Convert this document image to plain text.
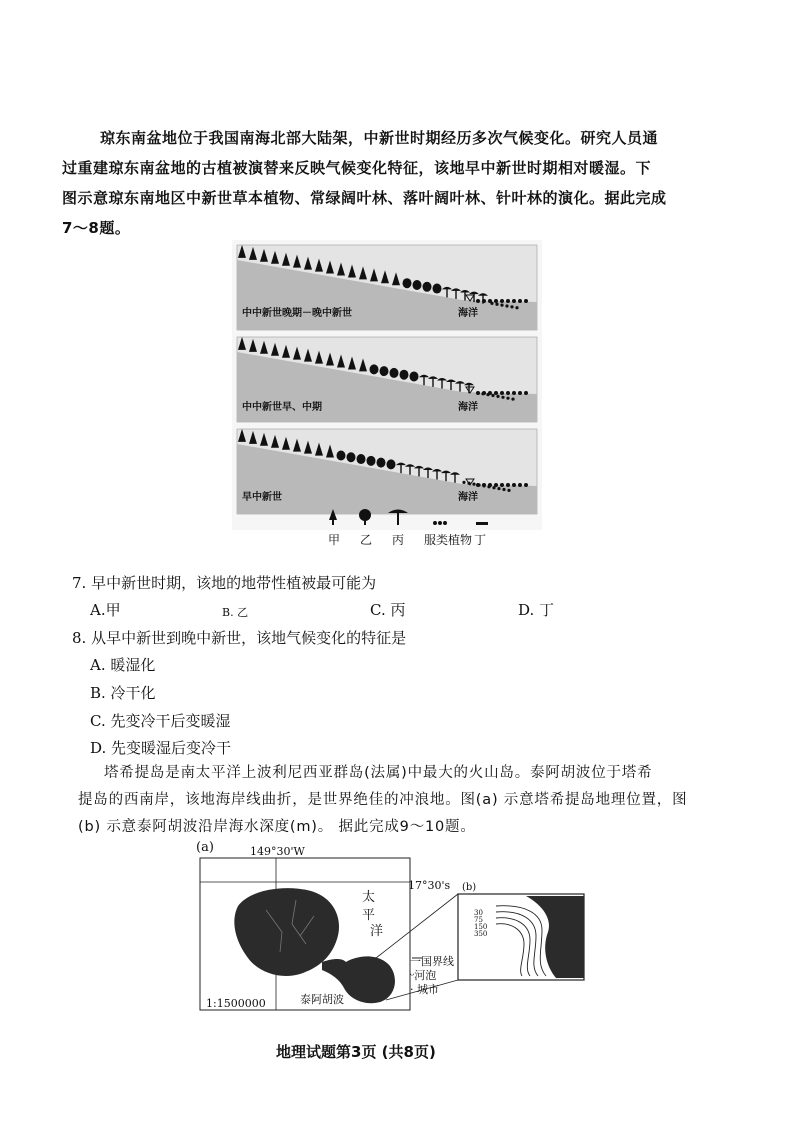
琼东南盆地位于我国南海北部大陆架，中新世时期经历多次气候变化。研究人员通
过重建琼东南盆地的古植被演替来反映气候变化特征，该地早中新世时期相对暖湿。下
图示意琼东南地区中新世草本植物、常绿阔叶林、落叶阔叶林、针叶林的演化。据此完成
7～8题。
中中新世晚期－晚中新世	海洋
中中新世早、中期	海洋
早中新世	海洋
甲 乙 丙 服类植物 丁
7. 早中新世时期，该地的地带性植被最可能为
A.甲	B. 乙	C. 丙	D. 丁
8. 从早中新世到晚中新世，该地气候变化的特征是
A. 暖湿化
B. 冷干化
C. 先变冷干后变暖湿
D. 先变暖湿后变冷干
塔希提岛是南太平洋上波利尼西亚群岛(法属)中最大的火山岛。泰阿胡波位于塔希
提岛的西南岸，该地海岸线曲折，是世界绝佳的冲浪地。图(a) 示意塔希提岛地理位置，图
(b) 示意泰阿胡波沿岸海水深度(m)。 据此完成9～10题。
(a)	149°30'W
17°30's (b)
太
平
洋
一国界线
ᵕ河泡
· 城市
1:1500000	泰阿胡波
30
75
150
350
地理试题第3页 (共8页)
